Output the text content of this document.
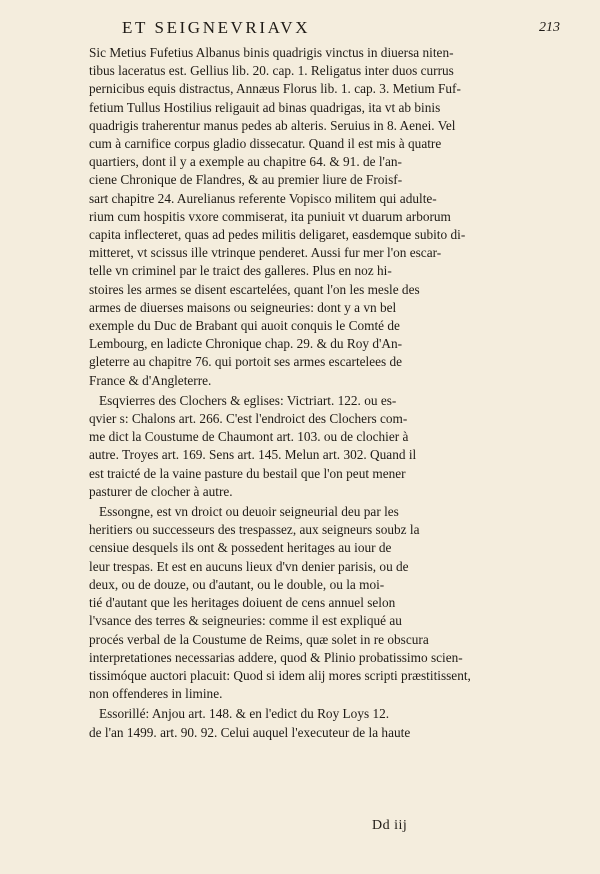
ET SEIGNEVRIAVX	213
Sic Metius Fufetius Albanus binis quadrigis vinctus in diuersa niten-
tibus laceratus est. Gellius lib. 20. cap. 1. Religatus inter duos currus
pernicibus equis distractus, Annæus Florus lib. 1. cap. 3. Metium Fuf-
fetium Tullus Hostilius religauit ad binas quadrigas, ita vt ab binis
quadrigis traherentur manus pedes ab alteris. Seruius in 8. Aenei. Vel
cum à carnifice corpus gladio dissecatur. Quand il est mis à quatre
quartiers, dont il y a exemple au chapitre 64. & 91. de l'an-
ciene Chronique de Flandres, & au premier liure de Froisf-
sart chapitre 24. Aurelianus referente Vopisco militem qui adulte-
rium cum hospitis vxore commiserat, ita puniuit vt duarum arborum
capita inflecteret, quas ad pedes militis deligaret, easdemque subito di-
mitteret, vt scissus ille vtrinque penderet. Aussi fur mer l'on escar-
telle vn criminel par le traict des galleres. Plus en noz hi-
stoires les armes se disent escartelées, quant l'on les mesle des
armes de diuerses maisons ou seigneuries: dont y a vn bel
exemple du Duc de Brabant qui auoit conquis le Comté de
Lembourg, en ladicte Chronique chap. 29. & du Roy d'An-
gleterre au chapitre 76. qui portoit ses armes escartelees de
France & d'Angleterre.
Esqvierres des Clochers & eglises: Victriart. 122. ou es-
qvier s: Chalons art. 266. C'est l'endroict des Clochers com-
me dict la Coustume de Chaumont art. 103. ou de clochier à
autre. Troyes art. 169. Sens art. 145. Melun art. 302. Quand il
est traicté de la vaine pasture du bestail que l'on peut mener
pasturer de clocher à autre.
Essongne, est vn droict ou deuoir seigneurial deu par les
heritiers ou successeurs des trespassez, aux seigneurs soubz la
censiue desquels ils ont & possedent heritages au iour de
leur trespas. Et est en aucuns lieux d'vn denier parisis, ou de
deux, ou de douze, ou d'autant, ou le double, ou la moi-
tié d'autant que les heritages doiuent de cens annuel selon
l'vsance des terres & seigneuries: comme il est expliqué au
procés verbal de la Coustume de Reims, quæ solet in re obscura
interpretationes necessarias addere, quod & Plinio probatissimo scien-
tissimóque auctori placuit: Quod si idem alij mores scripti præstitissent,
non offenderes in limine.
Essorillé: Anjou art. 148. & en l'edict du Roy Loys 12.
de l'an 1499. art. 90. 92. Celui auquel l'executeur de la haute
Dd iij
